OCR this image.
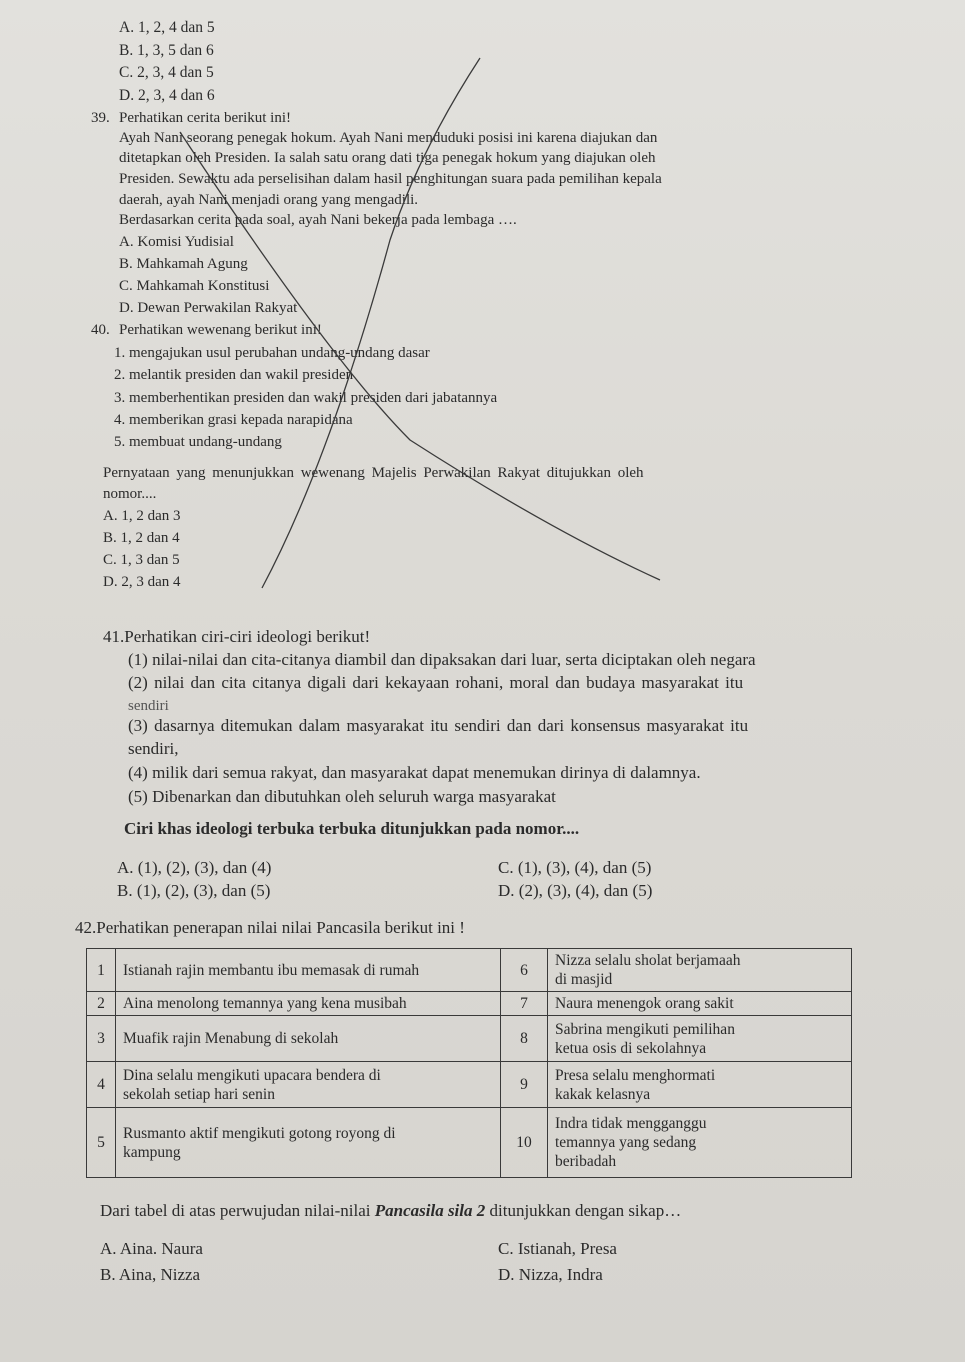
A. 1, 2, 4 dan 5
B. 1, 3, 5 dan 6
C. 2, 3, 4 dan 5
D. 2, 3, 4 dan 6
39. Perhatikan cerita berikut ini!
Ayah Nani seorang penegak hokum. Ayah Nani menduduki posisi ini karena diajukan dan
ditetapkan oleh Presiden. Ia salah satu orang dati tiga penegak hokum yang diajukan oleh
Presiden. Sewaktu ada perselisihan dalam hasil penghitungan suara pada pemilihan kepala
daerah, ayah Nani menjadi orang yang mengadili.
Berdasarkan cerita pada soal, ayah Nani bekerja pada lembaga ….
A. Komisi Yudisial
B. Mahkamah Agung
C. Mahkamah Konstitusi
D. Dewan Perwakilan Rakyat
40. Perhatikan wewenang berikut ini!
1. mengajukan usul perubahan undang-undang dasar
2. melantik presiden dan wakil presiden
3. memberhentikan presiden dan wakil presiden dari jabatannya
4. memberikan grasi kepada narapidana
5. membuat undang-undang
Pernyataan yang menunjukkan wewenang Majelis Perwakilan Rakyat ditujukkan oleh
nomor....
A. 1, 2 dan 3
B. 1, 2 dan 4
C. 1, 3 dan 5
D. 2, 3 dan 4
41.Perhatikan ciri-ciri ideologi berikut!
(1) nilai-nilai dan cita-citanya diambil dan dipaksakan dari luar, serta diciptakan oleh negara
(2) nilai dan cita citanya digali dari kekayaan rohani, moral dan budaya masyarakat itu
sendiri
(3) dasarnya ditemukan dalam masyarakat itu sendiri dan dari konsensus masyarakat itu
sendiri,
(4) milik dari semua rakyat, dan masyarakat dapat menemukan dirinya di dalamnya.
(5) Dibenarkan dan dibutuhkan oleh seluruh warga masyarakat
Ciri khas ideologi terbuka terbuka ditunjukkan pada nomor....
A. (1), (2), (3), dan (4)
B. (1), (2), (3), dan (5)
C. (1), (3), (4), dan (5)
D. (2), (3), (4), dan (5)
42.Perhatikan penerapan nilai nilai Pancasila berikut ini !
1	Istianah rajin membantu ibu memasak di rumah	6	Nizza selalu sholat berjamaah
di masjid
2	Aina menolong temannya yang kena musibah	7	Naura menengok orang sakit
3	Muafik rajin Menabung di sekolah	8	Sabrina mengikuti pemilihan
ketua osis di sekolahnya
4	Dina selalu mengikuti upacara bendera di
sekolah setiap hari senin	9	Presa selalu menghormati
kakak kelasnya
5	Rusmanto aktif mengikuti gotong royong di
kampung	10	Indra tidak mengganggu
temannya yang sedang
beribadah
Dari tabel di atas perwujudan nilai-nilai Pancasila sila 2 ditunjukkan dengan sikap…
A. Aina. Naura
B. Aina, Nizza
C. Istianah, Presa
D. Nizza, Indra
